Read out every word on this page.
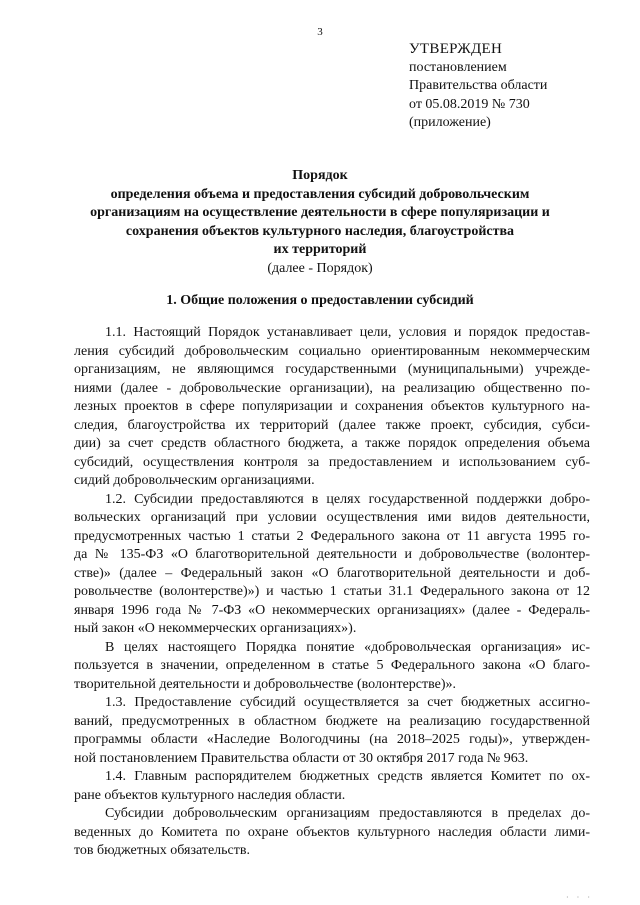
3
УТВЕРЖДЕН
постановлением
Правительства области
от 05.08.2019 № 730
(приложение)
Порядок
определения объема и предоставления субсидий добровольческим
организациям на осуществление деятельности в сфере популяризации и
сохранения объектов культурного наследия, благоустройства
их территорий
(далее - Порядок)
1. Общие положения о предоставлении субсидий
1.1. Настоящий Порядок устанавливает цели, условия и порядок предостав-
ления субсидий добровольческим социально ориентированным некоммерческим
организациям, не являющимся государственными (муниципальными) учрежде-
ниями (далее - добровольческие организации), на реализацию общественно по-
лезных проектов в сфере популяризации и сохранения объектов культурного на-
следия, благоустройства их территорий (далее также проект, субсидия, субси-
дии) за счет средств областного бюджета, а также порядок определения объема
субсидий, осуществления контроля за предоставлением и использованием суб-
сидий добровольческим организациями.
1.2. Субсидии предоставляются в целях государственной поддержки добро-
вольческих организаций при условии осуществления ими видов деятельности,
предусмотренных частью 1 статьи 2 Федерального закона от 11 августа 1995 го-
да № 135-ФЗ «О благотворительной деятельности и добровольчестве (волонтер-
стве)» (далее – Федеральный закон «О благотворительной деятельности и доб-
ровольчестве (волонтерстве)») и частью 1 статьи 31.1 Федерального закона от 12
января 1996 года № 7-ФЗ «О некоммерческих организациях» (далее - Федераль-
ный закон «О некоммерческих организациях»).
В целях настоящего Порядка понятие «добровольческая организация» ис-
пользуется в значении, определенном в статье 5 Федерального закона «О благо-
творительной деятельности и добровольчестве (волонтерстве)».
1.3. Предоставление субсидий осуществляется за счет бюджетных ассигно-
ваний, предусмотренных в областном бюджете на реализацию государственной
программы области «Наследие Вологодчины (на 2018–2025 годы)», утвержден-
ной постановлением Правительства области от 30 октября 2017 года № 963.
1.4. Главным распорядителем бюджетных средств является Комитет по ох-
ране объектов культурного наследия области.
Субсидии добровольческим организациям предоставляются в пределах до-
веденных до Комитета по охране объектов культурного наследия области лими-
тов бюджетных обязательств.
· · ·
